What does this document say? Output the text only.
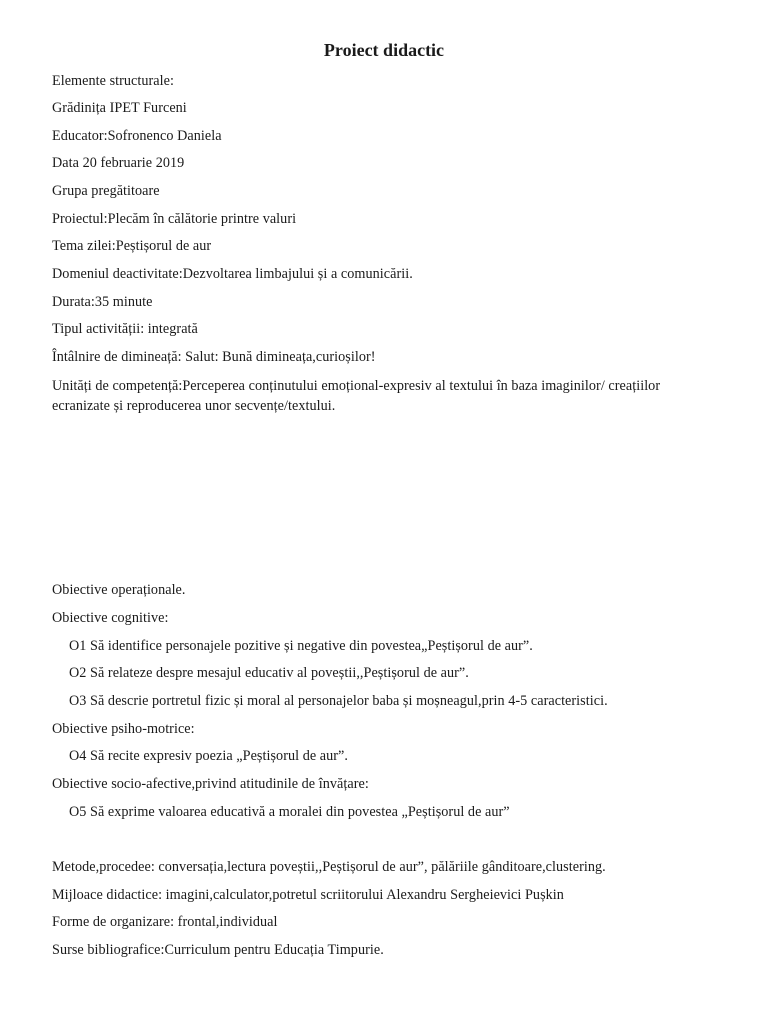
Proiect didactic
Elemente structurale:
Grădinița IPET Furceni
Educator:Sofronenco Daniela
Data 20 februarie 2019
Grupa pregătitoare
Proiectul:Plecăm în călătorie printre valuri
Tema zilei:Peștișorul de aur
Domeniul deactivitate:Dezvoltarea limbajului și a comunicării.
Durata:35 minute
Tipul activității: integrată
Întâlnire de dimineață: Salut: Bună dimineața,curioșilor!
Unități de competență:Perceperea conținutului emoțional-expresiv al textului în baza imaginilor/ creațiilor ecranizate și reproducerea unor secvențe/textului.
Obiective operaționale.
Obiective cognitive:
O1 Să identifice personajele pozitive și negative din povestea„Peștișorul de aur”.
O2 Să relateze despre mesajul educativ al poveștii,,Peștișorul de aur”.
O3 Să descrie portretul fizic și moral al personajelor baba și moșneagul,prin 4-5 caracteristici.
Obiective psiho-motrice:
O4 Să recite expresiv poezia „Peștișorul de aur”.
Obiective socio-afective,privind atitudinile de învățare:
O5 Să exprime valoarea educativă a moralei din povestea „Peștișorul de aur”
Metode,procedee: conversația,lectura poveștii,,Peștișorul de aur”, pălăriile gânditoare,clustering.
Mijloace didactice: imagini,calculator,potretul scriitorului Alexandru Sergheievici Pușkin
Forme de organizare: frontal,individual
Surse bibliografice:Curriculum pentru Educația Timpurie.
